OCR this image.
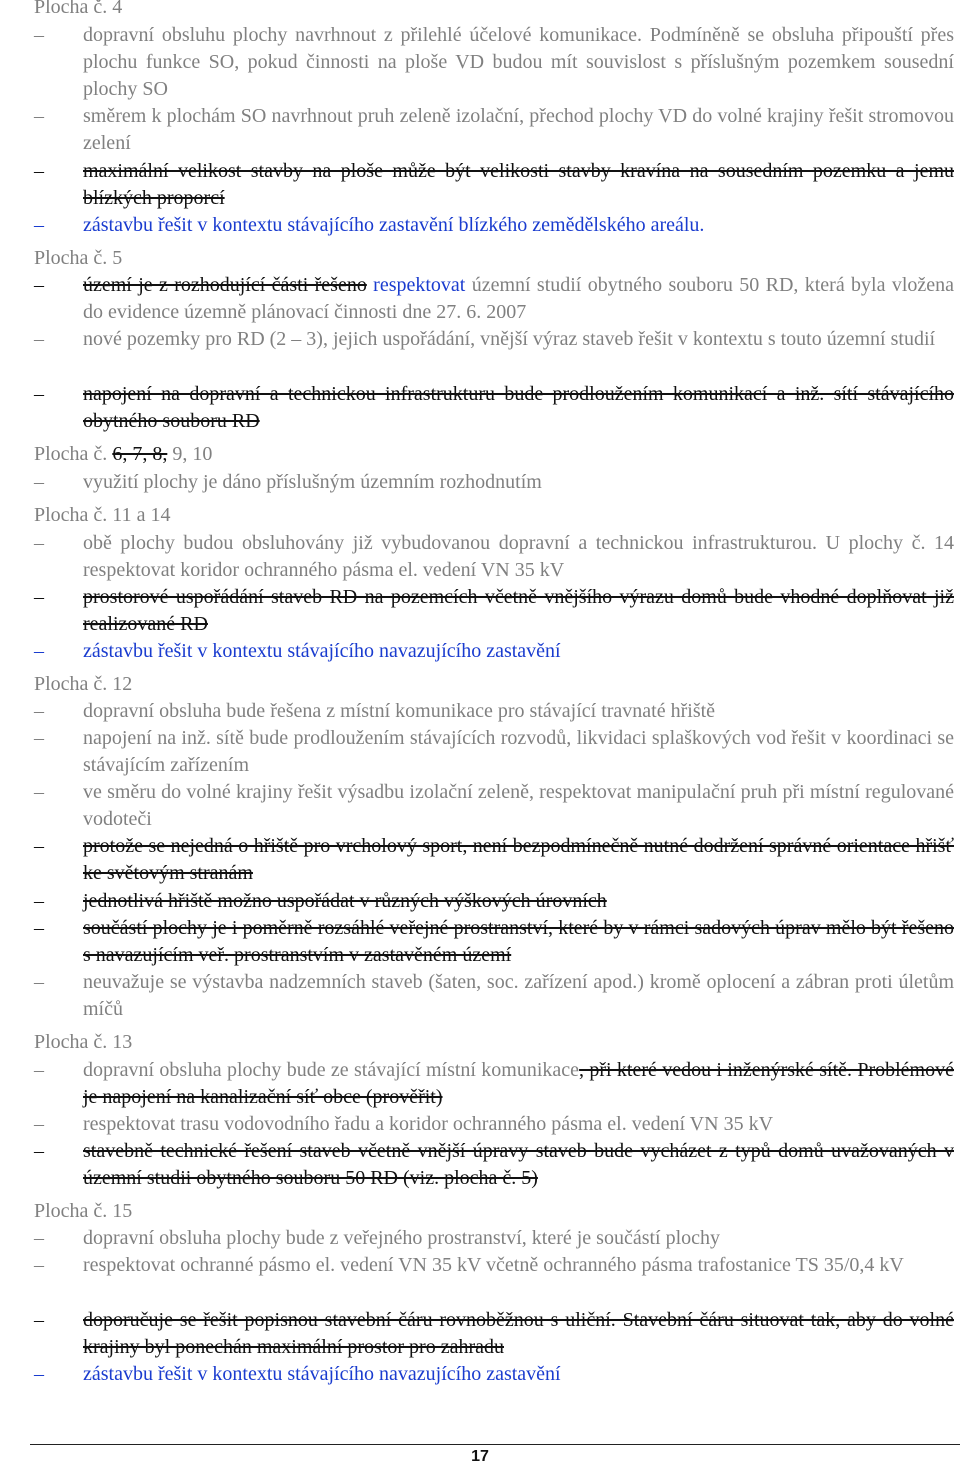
Plocha č. 4
–	dopravní obsluhu plochy navrhnout z přilehlé účelové komunikace. Podmíněně se obsluha připouští přes plochu funkce SO, pokud činnosti na ploše VD budou mít souvislost s příslušným pozemkem sousední plochy SO
–	směrem k plochám SO navrhnout pruh zeleně izolační, přechod plochy VD do volné krajiny řešit stromovou zelení
–	maximální velikost stavby na ploše může být velikosti stavby kravína na sousedním pozemku a jemu blízkých proporcí
–	zástavbu řešit v kontextu stávajícího zastavění blízkého zemědělského areálu.
Plocha č. 5
–	území je z rozhodující části řešeno respektovat územní studií obytného souboru 50 RD, která byla vložena do evidence územně plánovací činnosti dne 27. 6. 2007
–	nové pozemky pro RD (2 – 3), jejich uspořádání, vnější výraz staveb řešit v kontextu s touto územní studií
–	napojení na dopravní a technickou infrastrukturu bude prodloužením komunikací a inž. sítí stávajícího obytného souboru RD
Plocha č. 6, 7, 8, 9, 10
–	využití plochy je dáno příslušným územním rozhodnutím
Plocha č. 11 a 14
–	obě plochy budou obsluhovány již vybudovanou dopravní a technickou infrastrukturou. U plochy č. 14 respektovat koridor ochranného pásma el. vedení VN 35 kV
–	prostorové uspořádání staveb RD na pozemcích včetně vnějšího výrazu domů bude vhodné doplňovat již realizované RD
–	zástavbu řešit v kontextu stávajícího navazujícího zastavění
Plocha č. 12
–	dopravní obsluha bude řešena z místní komunikace pro stávající travnaté hřiště
–	napojení na inž. sítě bude prodloužením stávajících rozvodů, likvidaci splaškových vod řešit v koordinaci se stávajícím zařízením
–	ve směru do volné krajiny řešit výsadbu izolační zeleně, respektovat manipulační pruh při místní regulované vodoteči
–	protože se nejedná o hřiště pro vrcholový sport, není bezpodmínečně nutné dodržení správné orientace hřišť ke světovým stranám
–	jednotlivá hřiště možno uspořádat v různých výškových úrovních
–	součástí plochy je i poměrně rozsáhlé veřejné prostranství, které by v rámci sadových úprav mělo být řešeno s navazujícím veř. prostranstvím v zastavěném území
–	neuvažuje se výstavba nadzemních staveb (šaten, soc. zařízení apod.) kromě oplocení a zábran proti úletům míčů
Plocha č. 13
–	dopravní obsluha plochy bude ze stávající místní komunikace, při které vedou i inženýrské sítě. Problémové je napojení na kanalizační síť obce (prověřit)
–	respektovat trasu vodovodního řadu a koridor ochranného pásma el. vedení VN 35 kV
–	stavebně technické řešení staveb včetně vnější úpravy staveb bude vycházet z typů domů uvažovaných v územní studii obytného souboru 50 RD (viz. plocha č. 5)
Plocha č. 15
–	dopravní obsluha plochy bude z veřejného prostranství, které je součástí plochy
–	respektovat ochranné pásmo el. vedení VN 35 kV včetně ochranného pásma trafostanice TS 35/0,4 kV
–	doporučuje se řešit popisnou stavební čáru rovnoběžnou s uliční. Stavební čáru situovat tak, aby do volné krajiny byl ponechán maximální prostor pro zahradu
–	zástavbu řešit v kontextu stávajícího navazujícího zastavění
17
